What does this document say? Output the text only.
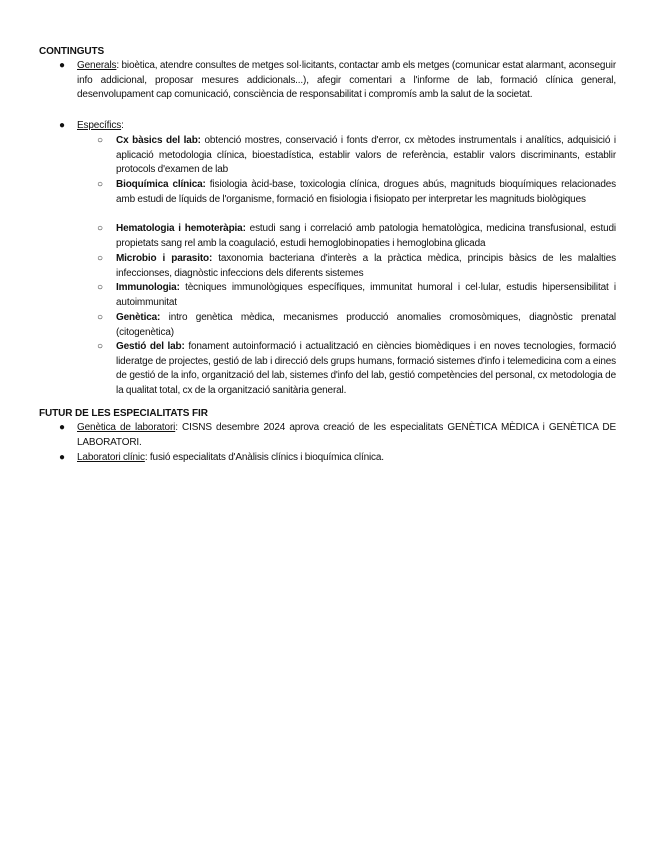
CONTINGUTS
● Generals: bioètica, atendre consultes de metges sol·licitants, contactar amb els metges (comunicar estat alarmant, aconseguir info addicional, proposar mesures addicionals...), afegir comentari a l'informe de lab, formació clínica general, desenvolupament cap comunicació, consciència de responsabilitat i compromís amb la salut de la societat.
● Específics:
○ Cx bàsics del lab: obtenció mostres, conservació i fonts d'error, cx mètodes instrumentals i analítics, adquisició i aplicació metodologia clínica, bioestadística, establir valors de referència, establir valors discriminants, establir protocols d'examen de lab
○ Bioquímica clínica: fisiologia àcid-base, toxicologia clínica, drogues abús, magnituds bioquímiques relacionades amb estudi de líquids de l'organisme, formació en fisiologia i fisiopato per interpretar les magnituds biològiques
○ Hematologia i hemoteràpia: estudi sang i correlació amb patologia hematològica, medicina transfusional, estudi propietats sang rel amb la coagulació, estudi hemoglobinopaties i hemoglobina glicada
○ Microbio i parasito: taxonomia bacteriana d'interès a la pràctica mèdica, principis bàsics de les malalties infeccionses, diagnòstic infeccions dels diferents sistemes
○ Immunologia: tècniques immunològiques específiques, immunitat humoral i cel·lular, estudis hipersensibilitat i autoimmunitat
○ Genètica: intro genètica mèdica, mecanismes producció anomalies cromosòmiques, diagnòstic prenatal (citogenètica)
○ Gestió del lab: fonament autoinformació i actualització en ciències biomèdiques i en noves tecnologies, formació lideratge de projectes, gestió de lab i direcció dels grups humans, formació sistemes d'info i telemedicina com a eines de gestió de la info, organització del lab, sistemes d'info del lab, gestió competències del personal, cx metodologia de la qualitat total, cx de la organització sanitària general.
FUTUR DE LES ESPECIALITATS FIR
● Genètica de laboratori: CISNS desembre 2024 aprova creació de les especialitats GENÈTICA MÈDICA i GENÈTICA DE LABORATORI.
● Laboratori clínic: fusió especialitats d'Anàlisis clínics i bioquímica clínica.
